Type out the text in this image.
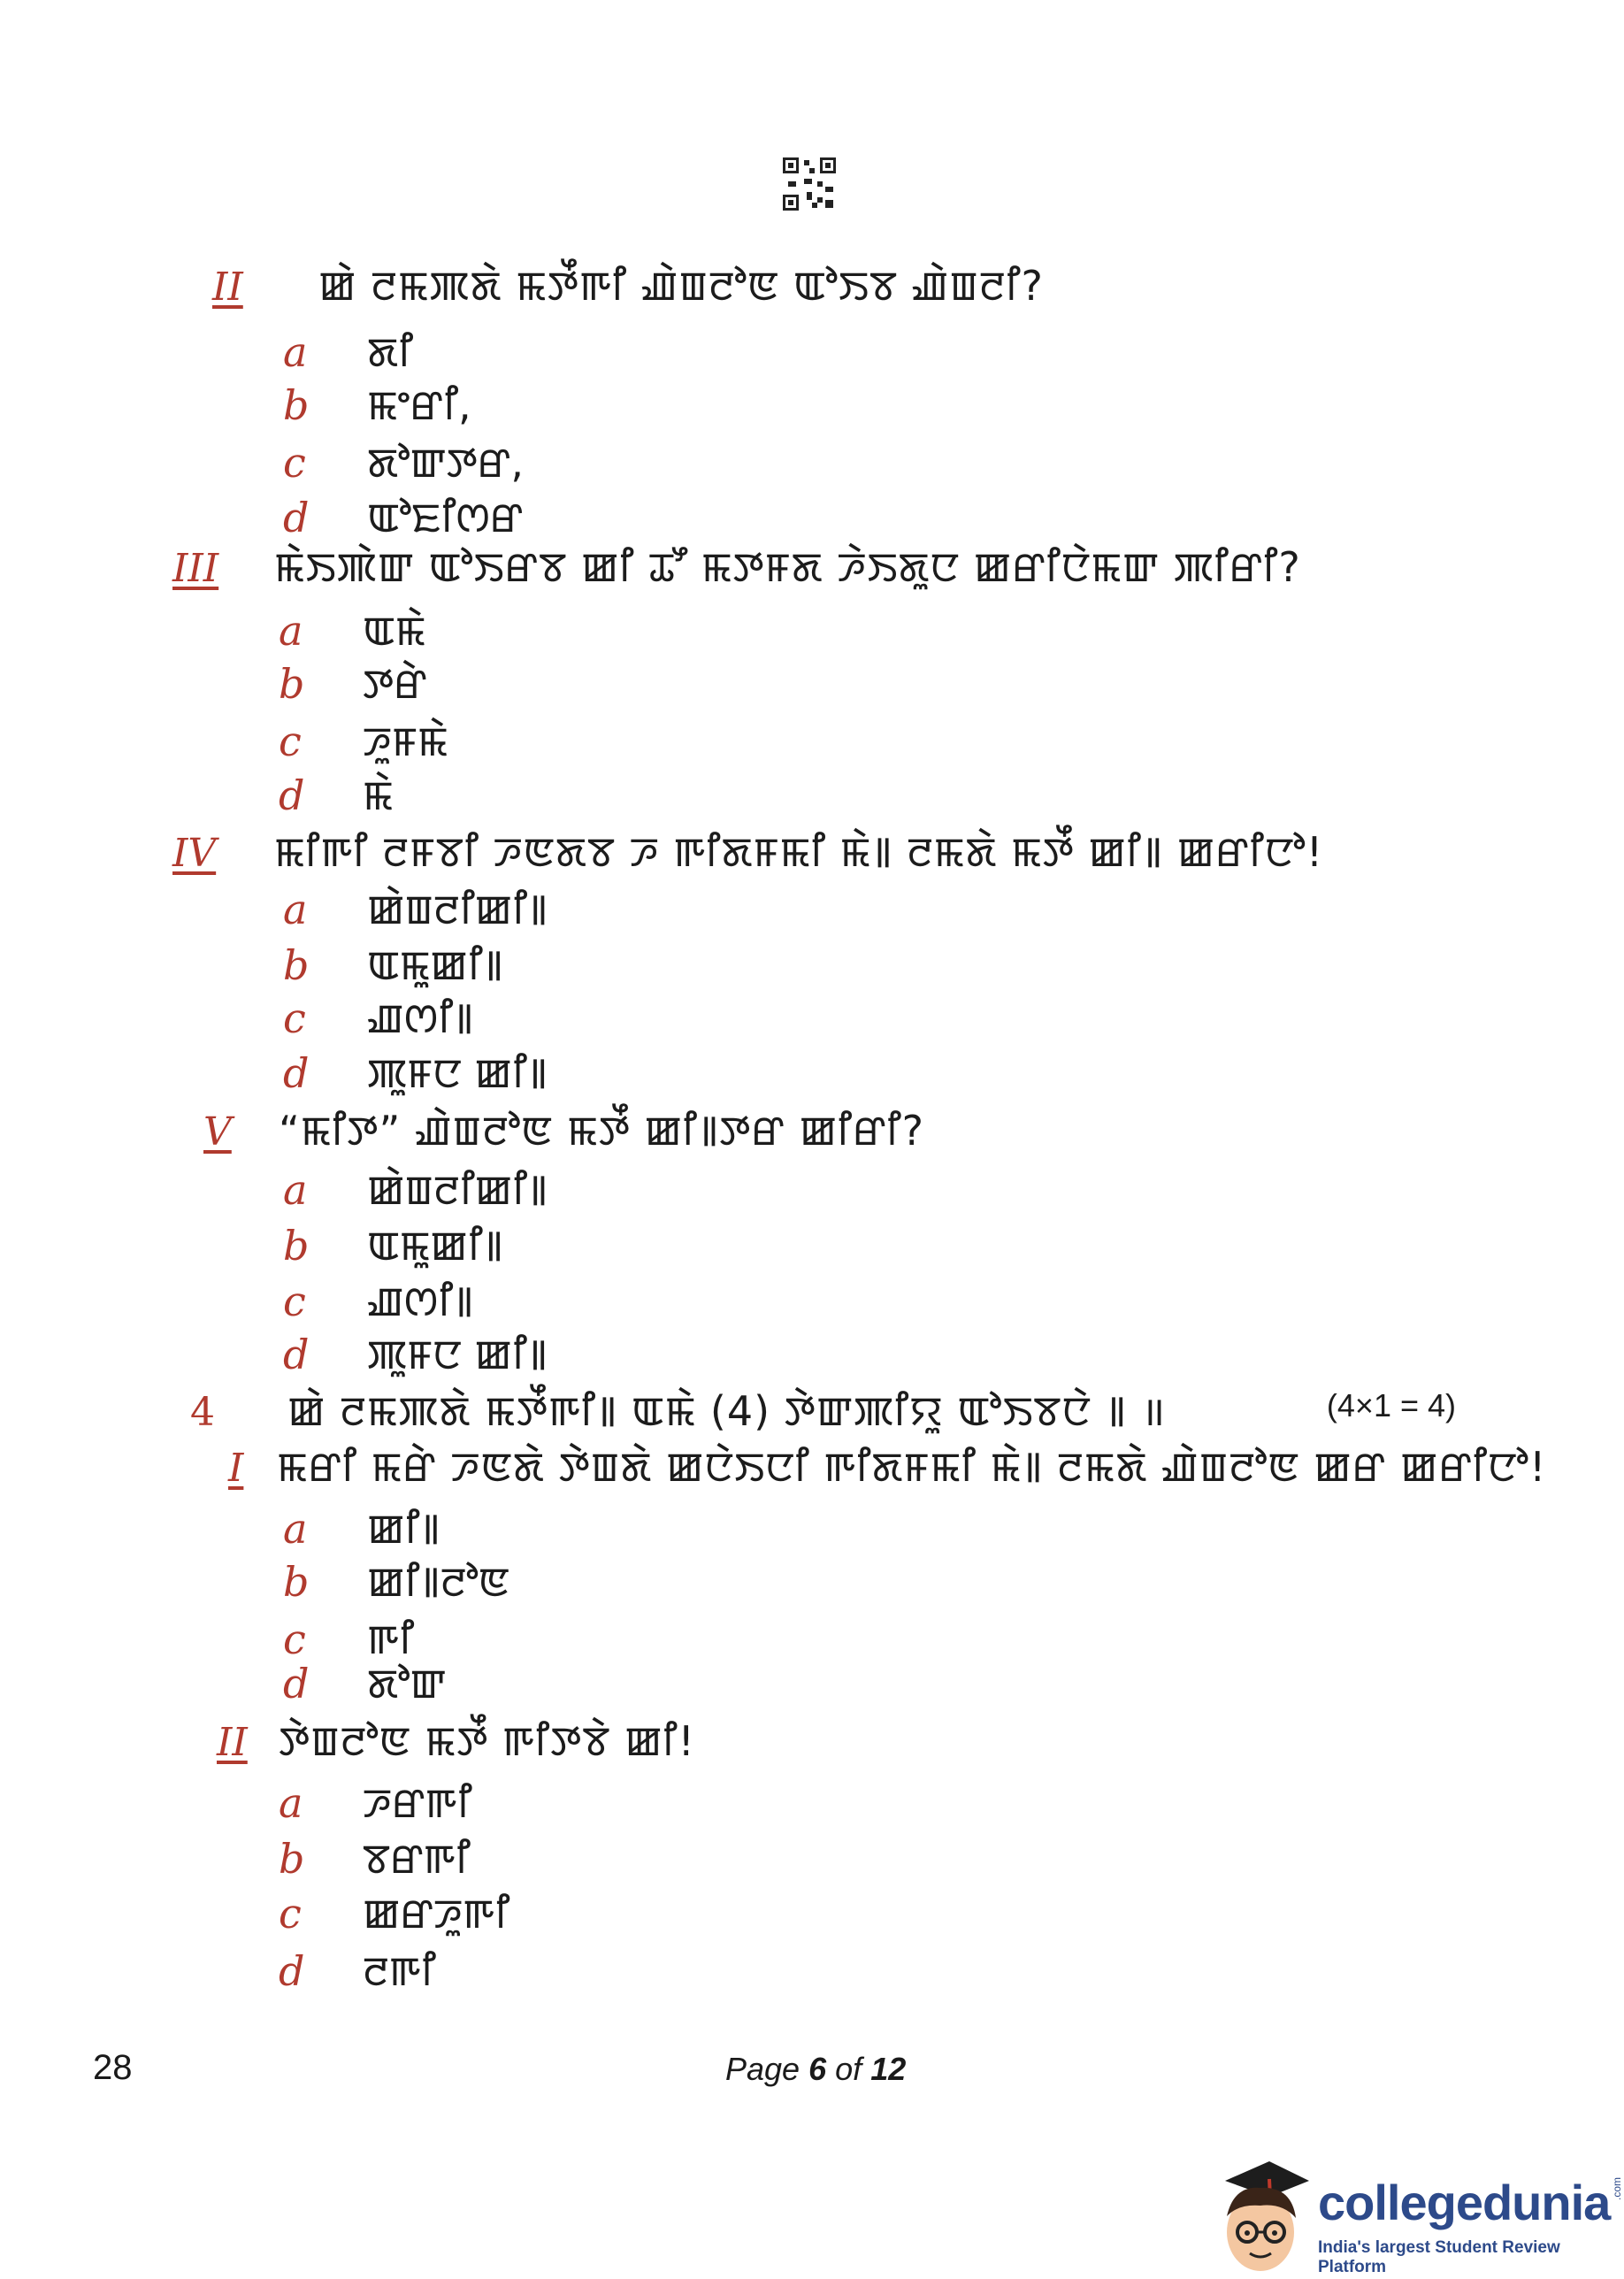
II	ꯀꯥ ꯂꯃꯄꯗꯥ ꯃꯇꯩꯒꯤ ꯉꯥꯡꯂꯣꯟ ꯑꯣꯏꯕ ꯉꯥꯡꯂꯤ?
a	ꯗꯤ
b	ꯃꯦꯔꯤ,
c	ꯗꯣꯛꯇꯔ,
d	ꯑꯣꯐꯤꯁꯔ
III	ꯃꯥꯏꯄꯥꯛ ꯑꯣꯏꯔꯕ ꯀꯤ ꯊꯧ ꯃꯇꯝꯗ ꯍꯥꯏꯗꯨꯅ ꯀꯔꯤꯅꯥꯃꯛ ꯄꯤꯔꯤ?
a	ꯑꯃꯥ
b	ꯇꯔꯥ
c	ꯍꯨꯝꯃꯥ
d	ꯃꯥ
IV	ꯃꯤꯒꯤ ꯂꯝꯕꯤ ꯍꯟꯗꯕ ꯍ ꯒꯤꯗꯝꯃꯤ ꯃꯥ꯫ ꯂꯃꯗꯥ ꯃꯇꯩ ꯀꯤ꯫ ꯀꯔꯤꯅꯣ!
a	ꯀꯥꯡꯂꯤꯀꯤ꯫
b	ꯑꯃꯨꯀꯤ꯫
c	ꯉꯁꯤ꯫
d	ꯄꯨꯝꯅ ꯀꯤ꯫
V	“ꯃꯤꯇ” ꯉꯥꯡꯂꯣꯟ ꯃꯇꯩ ꯀꯤ꯫ꯇꯔ ꯀꯤꯔꯤ?
a	ꯀꯥꯡꯂꯤꯀꯤ꯫
b	ꯑꯃꯨꯀꯤ꯫
c	ꯉꯁꯤ꯫
d	ꯄꯨꯝꯅ ꯀꯤ꯫
4	ꯀꯥ ꯂꯃꯄꯗꯥ ꯃꯇꯩꯒꯤ꯫ ꯑꯃꯥ (4) ꯇꯥꯛꯄꯤꯌꯨ ꯑꯣꯏꯕꯅꯥ ꯫ ॥	(4×1 = 4)
I ꯃꯔꯤ ꯃꯔꯥ ꯍꯟꯗꯥ ꯇꯥꯡꯗꯥ ꯀꯅꯥꯏꯅꯤ ꯒꯤꯗꯝꯃꯤ ꯃꯥ꯫ ꯂꯃꯗꯥ ꯉꯥꯡꯂꯣꯟ ꯀꯔ ꯀꯔꯤꯅꯣ!
a	ꯀꯤ꯫
b	ꯀꯤ꯫ꯂꯣꯟ
c	ꯒꯤ
d	ꯗꯣꯛ
II ꯇꯥꯡꯂꯣꯟ ꯃꯇꯩ ꯒꯤꯇꯕꯥ ꯀꯤ!
a	ꯍꯔꯒꯤ
b	ꯕꯔꯒꯤ
c	ꯀꯔꯍꯨꯒꯤ
d	ꯂꯒꯤ
28	Page 6 of 12
collegedunia
India's largest Student Review Platform
.com
